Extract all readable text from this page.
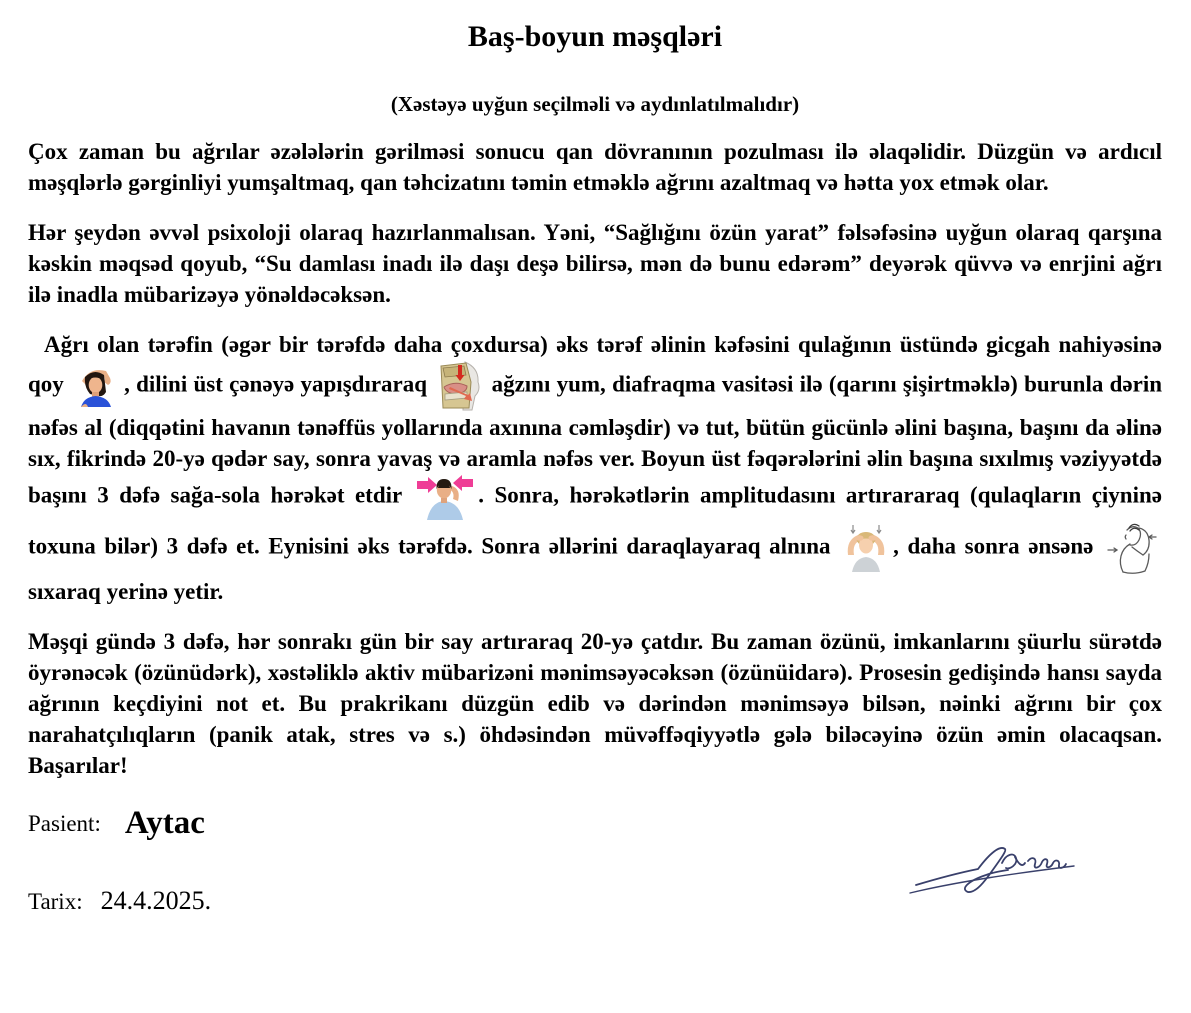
Baş-boyun məşqləri
(Xəstəyə uyğun seçilməli və aydınlatılmalıdır)

Çox zaman bu ağrılar əzələlərin gərilməsi sonucu qan dövranının pozulması ilə əlaqəlidir. Düzgün və ardıcıl məşqlərlə gərginliyi yumşaltmaq, qan təhcizatını təmin etməklə ağrını azaltmaq və hətta yox etmək olar.

Hər şeydən əvvəl psixoloji olaraq hazırlanmalısan. Yəni, “Sağlığını özün yarat” fəlsəfəsinə uyğun olaraq qarşına kəskin məqsəd qoyub, “Su damlası inadı ilə daşı deşə bilirsə, mən də bunu edərəm” deyərək qüvvə və enrjini ağrı ilə inadla mübarizəyə yönəldəcəksən.

Ağrı olan tərəfin (əgər bir tərəfdə daha çoxdursa) əks tərəf əlinin kəfəsini qulağının üstündə gicgah nahiyəsinə qoy
, dilini üst çənəyə yapışdıraraq
ağzını yum, diafraqma vasitəsi ilə (qarını şişirtməklə) burunla dərin nəfəs al (diqqətini havanın tənəffüs yollarında axınına cəmləşdir) və tut, bütün gücünlə əlini başına, başını da əlinə sıx, fikrində 20-yə qədər say, sonra yavaş və aramla nəfəs ver. Boyun üst fəqərələrini əlin başına sıxılmış vəziyyətdə başını 3 dəfə sağa-sola hərəkət etdir	. Sonra, hərəkətlərin amplitudasını artırararaq (qulaqların çiyninə toxuna bilər) 3 dəfə et. Eynisini əks tərəfdə. Sonra əllərini daraqlayaraq alnına
, daha sonra ənsənə
sıxaraq yerinə yetir.

Məşqi gündə 3 dəfə, hər sonrakı gün bir say artıraraq 20-yə çatdır. Bu zaman özünü, imkanlarını şüurlu sürətdə öyrənəcək (özünüdərk), xəstəliklə aktiv mübarizəni mənimsəyəcəksən (özünüidarə). Prosesin gedişində hansı sayda ağrının keçdiyini not et. Bu prakrikanı düzgün edib və dərindən mənimsəyə bilsən, nəinki ağrını bir çox narahatçılıqların (panik atak, stres və s.) öhdəsindən müvəffəqiyyətlə gələ biləcəyinə özün əmin olacaqsan. Başarılar!

Pasient: Aytac
Tarix: 24.4.2025.
